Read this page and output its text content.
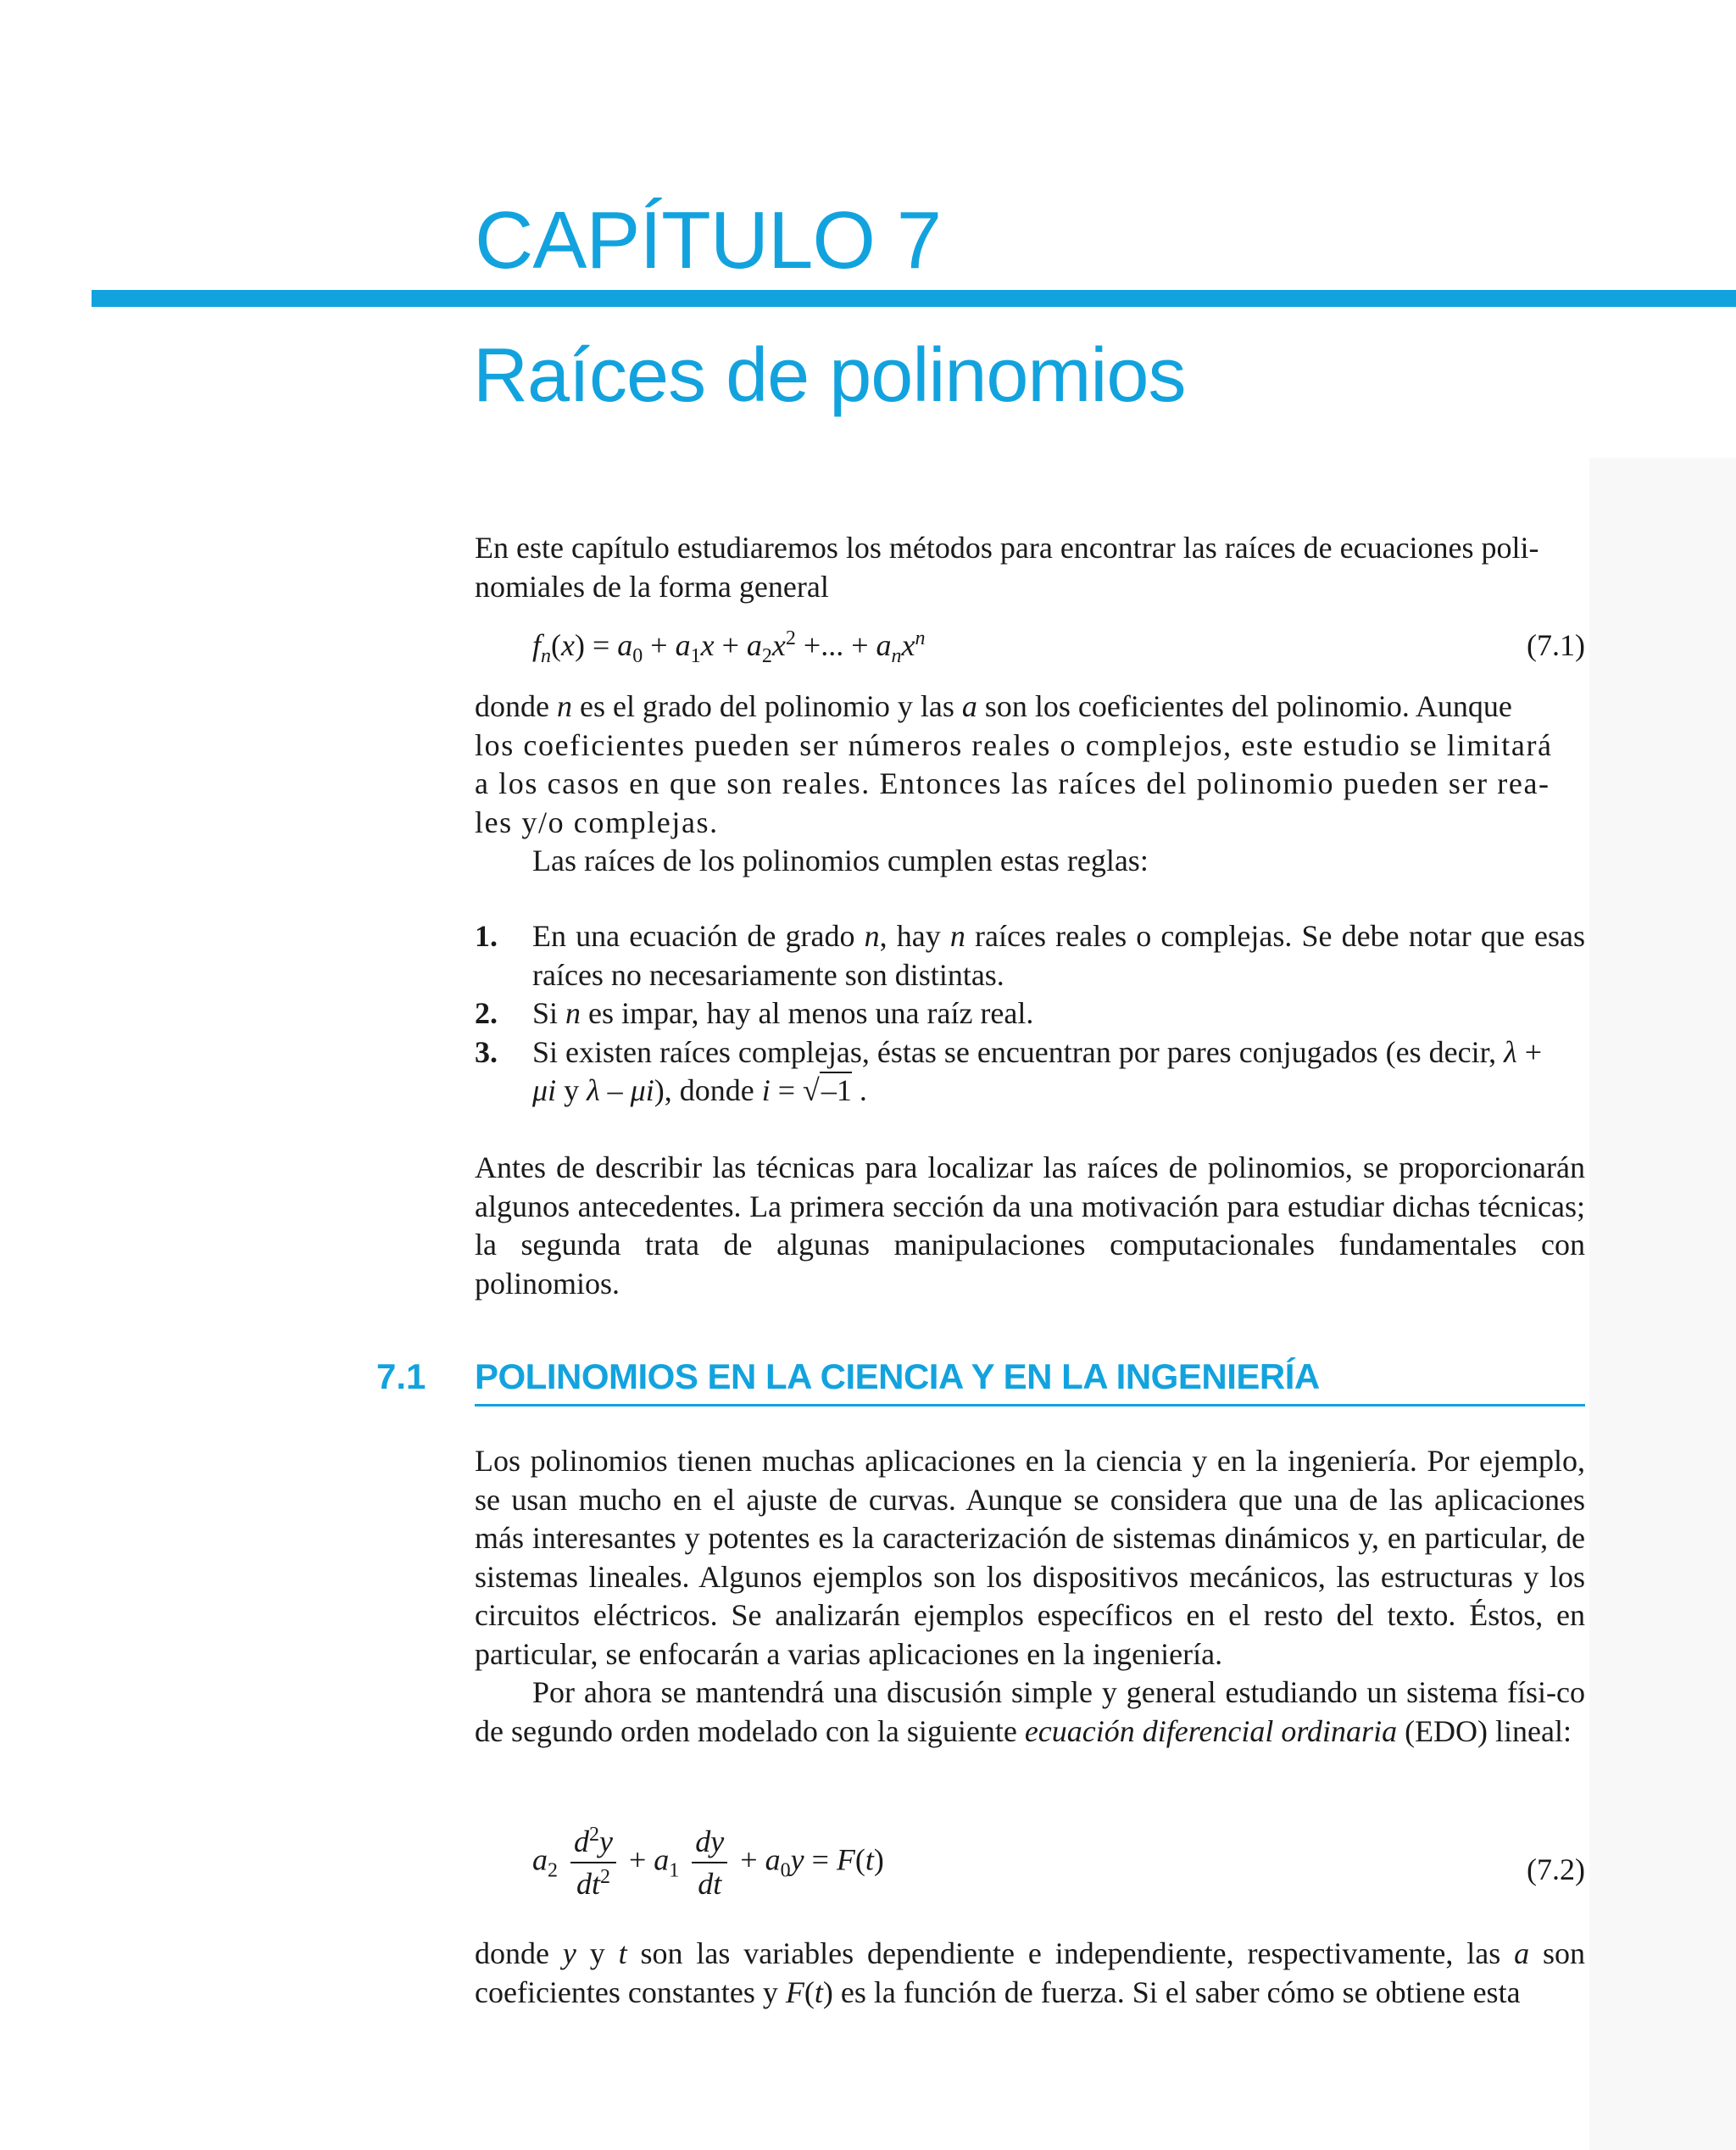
CAPÍTULO 7
Raíces de polinomios
En este capítulo estudiaremos los métodos para encontrar las raíces de ecuaciones poli-
nomiales de la forma general
$f_n(x) = a_0 + a_1x + a_2x^2$ +... + $a_nx^n$	(7.1)
donde n es el grado del polinomio y las a son los coeficientes del polinomio. Aunque
los coeficientes pueden ser números reales o complejos, este estudio se limitará
a los casos en que son reales. Entonces las raíces del polinomio pueden ser rea-
les y/o complejas.
Las raíces de los polinomios cumplen estas reglas:
1. En una ecuación de grado n, hay n raíces reales o complejas. Se debe notar que esas raíces no necesariamente son distintas.
2. Si n es impar, hay al menos una raíz real.
3. Si existen raíces complejas, éstas se encuentran por pares conjugados (es decir, λ +
μi y λ – μi), donde i = √–1 .
Antes de describir las técnicas para localizar las raíces de polinomios, se proporcionarán algunos antecedentes. La primera sección da una motivación para estudiar dichas técnicas; la segunda trata de algunas manipulaciones computacionales fundamentales con polinomios.
7.1 POLINOMIOS EN LA CIENCIA Y EN LA INGENIERÍA
Los polinomios tienen muchas aplicaciones en la ciencia y en la ingeniería. Por ejemplo, se usan mucho en el ajuste de curvas. Aunque se considera que una de las aplicaciones más interesantes y potentes es la caracterización de sistemas dinámicos y, en particular, de sistemas lineales. Algunos ejemplos son los dispositivos mecánicos, las estructuras y los circuitos eléctricos. Se analizarán ejemplos específicos en el resto del texto. Éstos, en particular, se enfocarán a varias aplicaciones en la ingeniería.
Por ahora se mantendrá una discusión simple y general estudiando un sistema físi-co de segundo orden modelado con la siguiente ecuación diferencial ordinaria (EDO) lineal:
$a_2 \frac{d^2y}{dt^2} + a_1 \frac{dy}{dt} + a_0y = F(t)$	(7.2)
donde y y t son las variables dependiente e independiente, respectivamente, las a son coeficientes constantes y F(t) es la función de fuerza. Si el saber cómo se obtiene esta
